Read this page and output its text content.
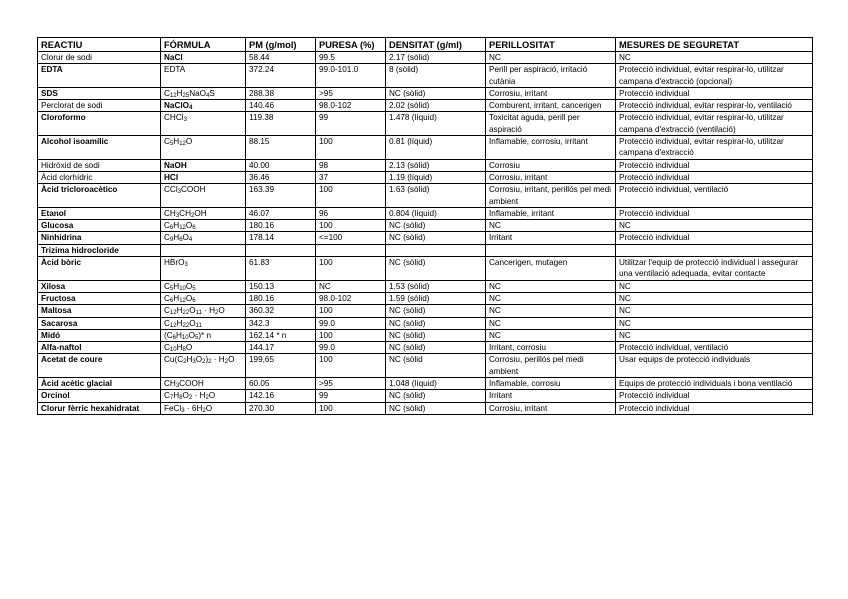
REACTIU	FÓRMULA	PM (g/mol)	PURESA (%)	DENSITAT (g/ml)	PERILLOSITAT	MESURES DE SEGURETAT
Clorur de sodi	NaCl	58.44	99.5	2.17 (sòlid)	NC	NC
EDTA	EDTA	372.24	99.0-101.0	8 (sòlid)	Perill per aspiració, irritació cutània	Protecció individual, evitar respirar-lo, utilitzar campana d'extracció (opcional)
SDS	$C_{12}H_{25}NaO_4S$	288.38	>95	NC (sòlid)	Corrosiu, irritant	Protecció individual
Perclorat de sodi	NaClO$_4$	140.46	98.0-102	2.02 (sòlid)	Comburent, irritant, cancerigen	Protecció individual, evitar respirar-lo, ventilació
Cloroformo	CHCl$_3$	119.38	99	1.478 (líquid)	Toxicitat aguda, perill per aspiració	Protecció individual, evitar respirar-lo, utilitzar campana d'extracció (ventilació)
Alcohol isoamílic	$C_5H_{12}O$	88.15	100	0.81 (líquid)	Inflamable, corrosiu, irritant	Protecció individual, evitar respirar-lo, utilitzar campana d'extracció
Hidròxid de sodi	NaOH	40.00	98	2.13 (sòlid)	Corrosiu	Protecció individual
Àcid clorhídric	HCl	36.46	37	1.19 (líquid)	Corrosiu, irritant	Protecció individual
Àcid tricloroacètico	CCl$_3$COOH	163.39	100	1.63 (sòlid)	Corrosiu, irritant, perillós pel medi ambient	Protecció individual, ventilació
Etanol	$CH_3CH_2OH$	46.07	96	0.804 (líquid)	Inflamable, irritant	Protecció individual
Glucosa	$C_6H_{12}O_6$	180.16	100	NC (sòlid)	NC	NC
Ninhidrina	$C_9H_6O_4$	178.14	<=100	NC (sòlid)	Irritant	Protecció individual
Trizima hidrocloride						
Àcid bòric	HBrO$_3$	61.83	100	NC (sòlid)	Cancerigen, mutagen	Utilitzar l'equip de protecció individual i assegurar una ventilació adequada, evitar contacte
Xilosa	$C_5H_{10}O_5$	150.13	NC	1.53 (sòlid)	NC	NC
Fructosa	$C_6H_{12}O_6$	180.16	98.0-102	1.59 (sòlid)	NC	NC
Maltosa	$C_{12}H_{22}O_{11} \cdot H_2O$	360.32	100	NC (sòlid)	NC	NC
Sacarosa	$C_{12}H_{22}O_{11}$	342.3	99.0	NC (sòlid)	NC	NC
Midó	$(C_6H_{10}O_5)*$ n	162.14 * n	100	NC (sòlid)	NC	NC
Alfa-naftol	$C_{10}H_8O$	144.17	99.0	NC (sòlid)	Irritant, corrosiu	Protecció individual, ventilació
Acetat de coure	$Cu(C_2H_3O_2)_2 \cdot H_2O$	199,65	100	NC (sòlid	Corrosiu, perillós pel medi ambient	Usar equips de protecció individuals
Àcid acètic glacial	$CH_3COOH$	60.05	>95	1.048 (líquid)	Inflamable, corrosiu	Equips de protecció individuals i bona ventilació
Orcinol	$C_7H_8O_2 \cdot H_2O$	142.16	99	NC (sòlid)	Irritant	Protecció individual
Clorur fèrric hexahidratat	FeCl$_3$ · $6H_2O$	270.30	100	NC (sòlid)	Corrosiu, irritant	Protecció individual
